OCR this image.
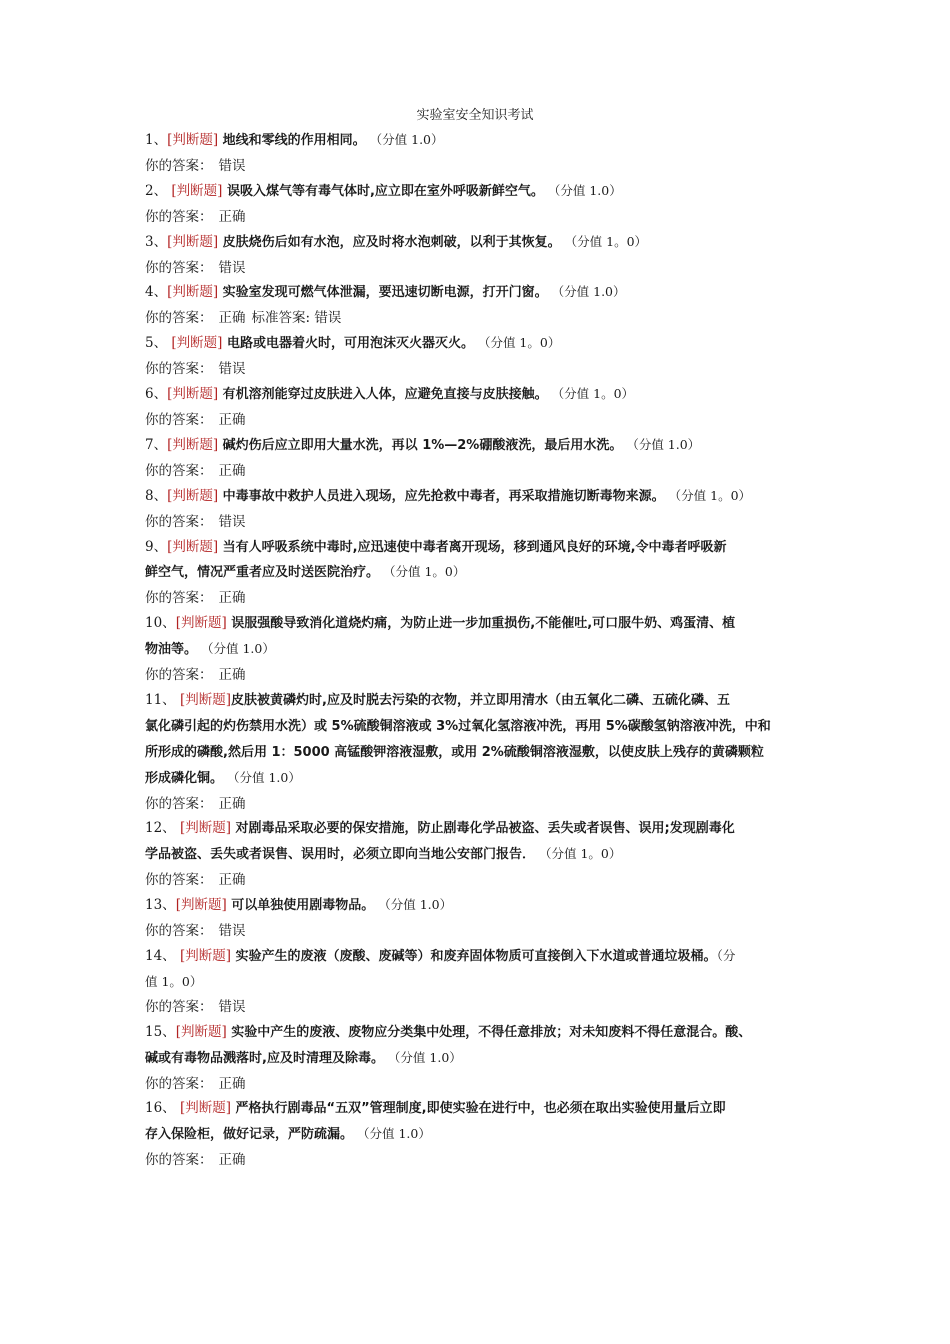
实验室安全知识考试
1、[判断题] 地线和零线的作用相同。 （分值 1.0）
你的答案： 错误
2、 [判断题] 误吸入煤气等有毒气体时,应立即在室外呼吸新鲜空气。 （分值 1.0）
你的答案： 正确
3、[判断题] 皮肤烧伤后如有水泡，应及时将水泡刺破，以利于其恢复。 （分值 1。0）
你的答案： 错误
4、[判断题] 实验室发现可燃气体泄漏，要迅速切断电源，打开门窗。 （分值 1.0）
你的答案： 正确 标准答案: 错误
5、 [判断题] 电路或电器着火时，可用泡沫灭火器灭火。 （分值 1。0）
你的答案： 错误
6、[判断题] 有机溶剂能穿过皮肤进入人体，应避免直接与皮肤接触。 （分值 1。0）
你的答案： 正确
7、[判断题] 碱灼伤后应立即用大量水洗，再以 1%—2%硼酸液洗，最后用水洗。 （分值 1.0）
你的答案： 正确
8、[判断题] 中毒事故中救护人员进入现场，应先抢救中毒者，再采取措施切断毒物来源。 （分值 1。0）
你的答案： 错误
9、[判断题] 当有人呼吸系统中毒时,应迅速使中毒者离开现场，移到通风良好的环境,令中毒者呼吸新
鲜空气，情况严重者应及时送医院治疗。 （分值 1。0）
你的答案： 正确
10、[判断题] 误服强酸导致消化道烧灼痛，为防止进一步加重损伤,不能催吐,可口服牛奶、鸡蛋清、植
物油等。 （分值 1.0）
你的答案： 正确
11、 [判断题]皮肤被黄磷灼时,应及时脱去污染的衣物，并立即用清水（由五氧化二磷、五硫化磷、五
氯化磷引起的灼伤禁用水洗）或 5%硫酸铜溶液或 3%过氧化氢溶液冲洗，再用 5%碳酸氢钠溶液冲洗，中和
所形成的磷酸,然后用 1：5000 高锰酸钾溶液湿敷，或用 2%硫酸铜溶液湿敷，以使皮肤上残存的黄磷颗粒
形成磷化铜。 （分值 1.0）
你的答案： 正确
12、 [判断题] 对剧毒品采取必要的保安措施，防止剧毒化学品被盗、丢失或者误售、误用;发现剧毒化
学品被盗、丢失或者误售、误用时，必须立即向当地公安部门报告． （分值 1。0）
你的答案： 正确
13、[判断题] 可以单独使用剧毒物品。 （分值 1.0）
你的答案： 错误
14、 [判断题] 实验产生的废液（废酸、废碱等）和废弃固体物质可直接倒入下水道或普通垃圾桶。（分
值 1。0）
你的答案： 错误
15、[判断题] 实验中产生的废液、废物应分类集中处理，不得任意排放；对未知废料不得任意混合。酸、
碱或有毒物品溅落时,应及时清理及除毒。 （分值 1.0）
你的答案： 正确
16、 [判断题] 严格执行剧毒品“五双”管理制度,即使实验在进行中，也必须在取出实验使用量后立即
存入保险柜，做好记录，严防疏漏。 （分值 1.0）
你的答案： 正确
